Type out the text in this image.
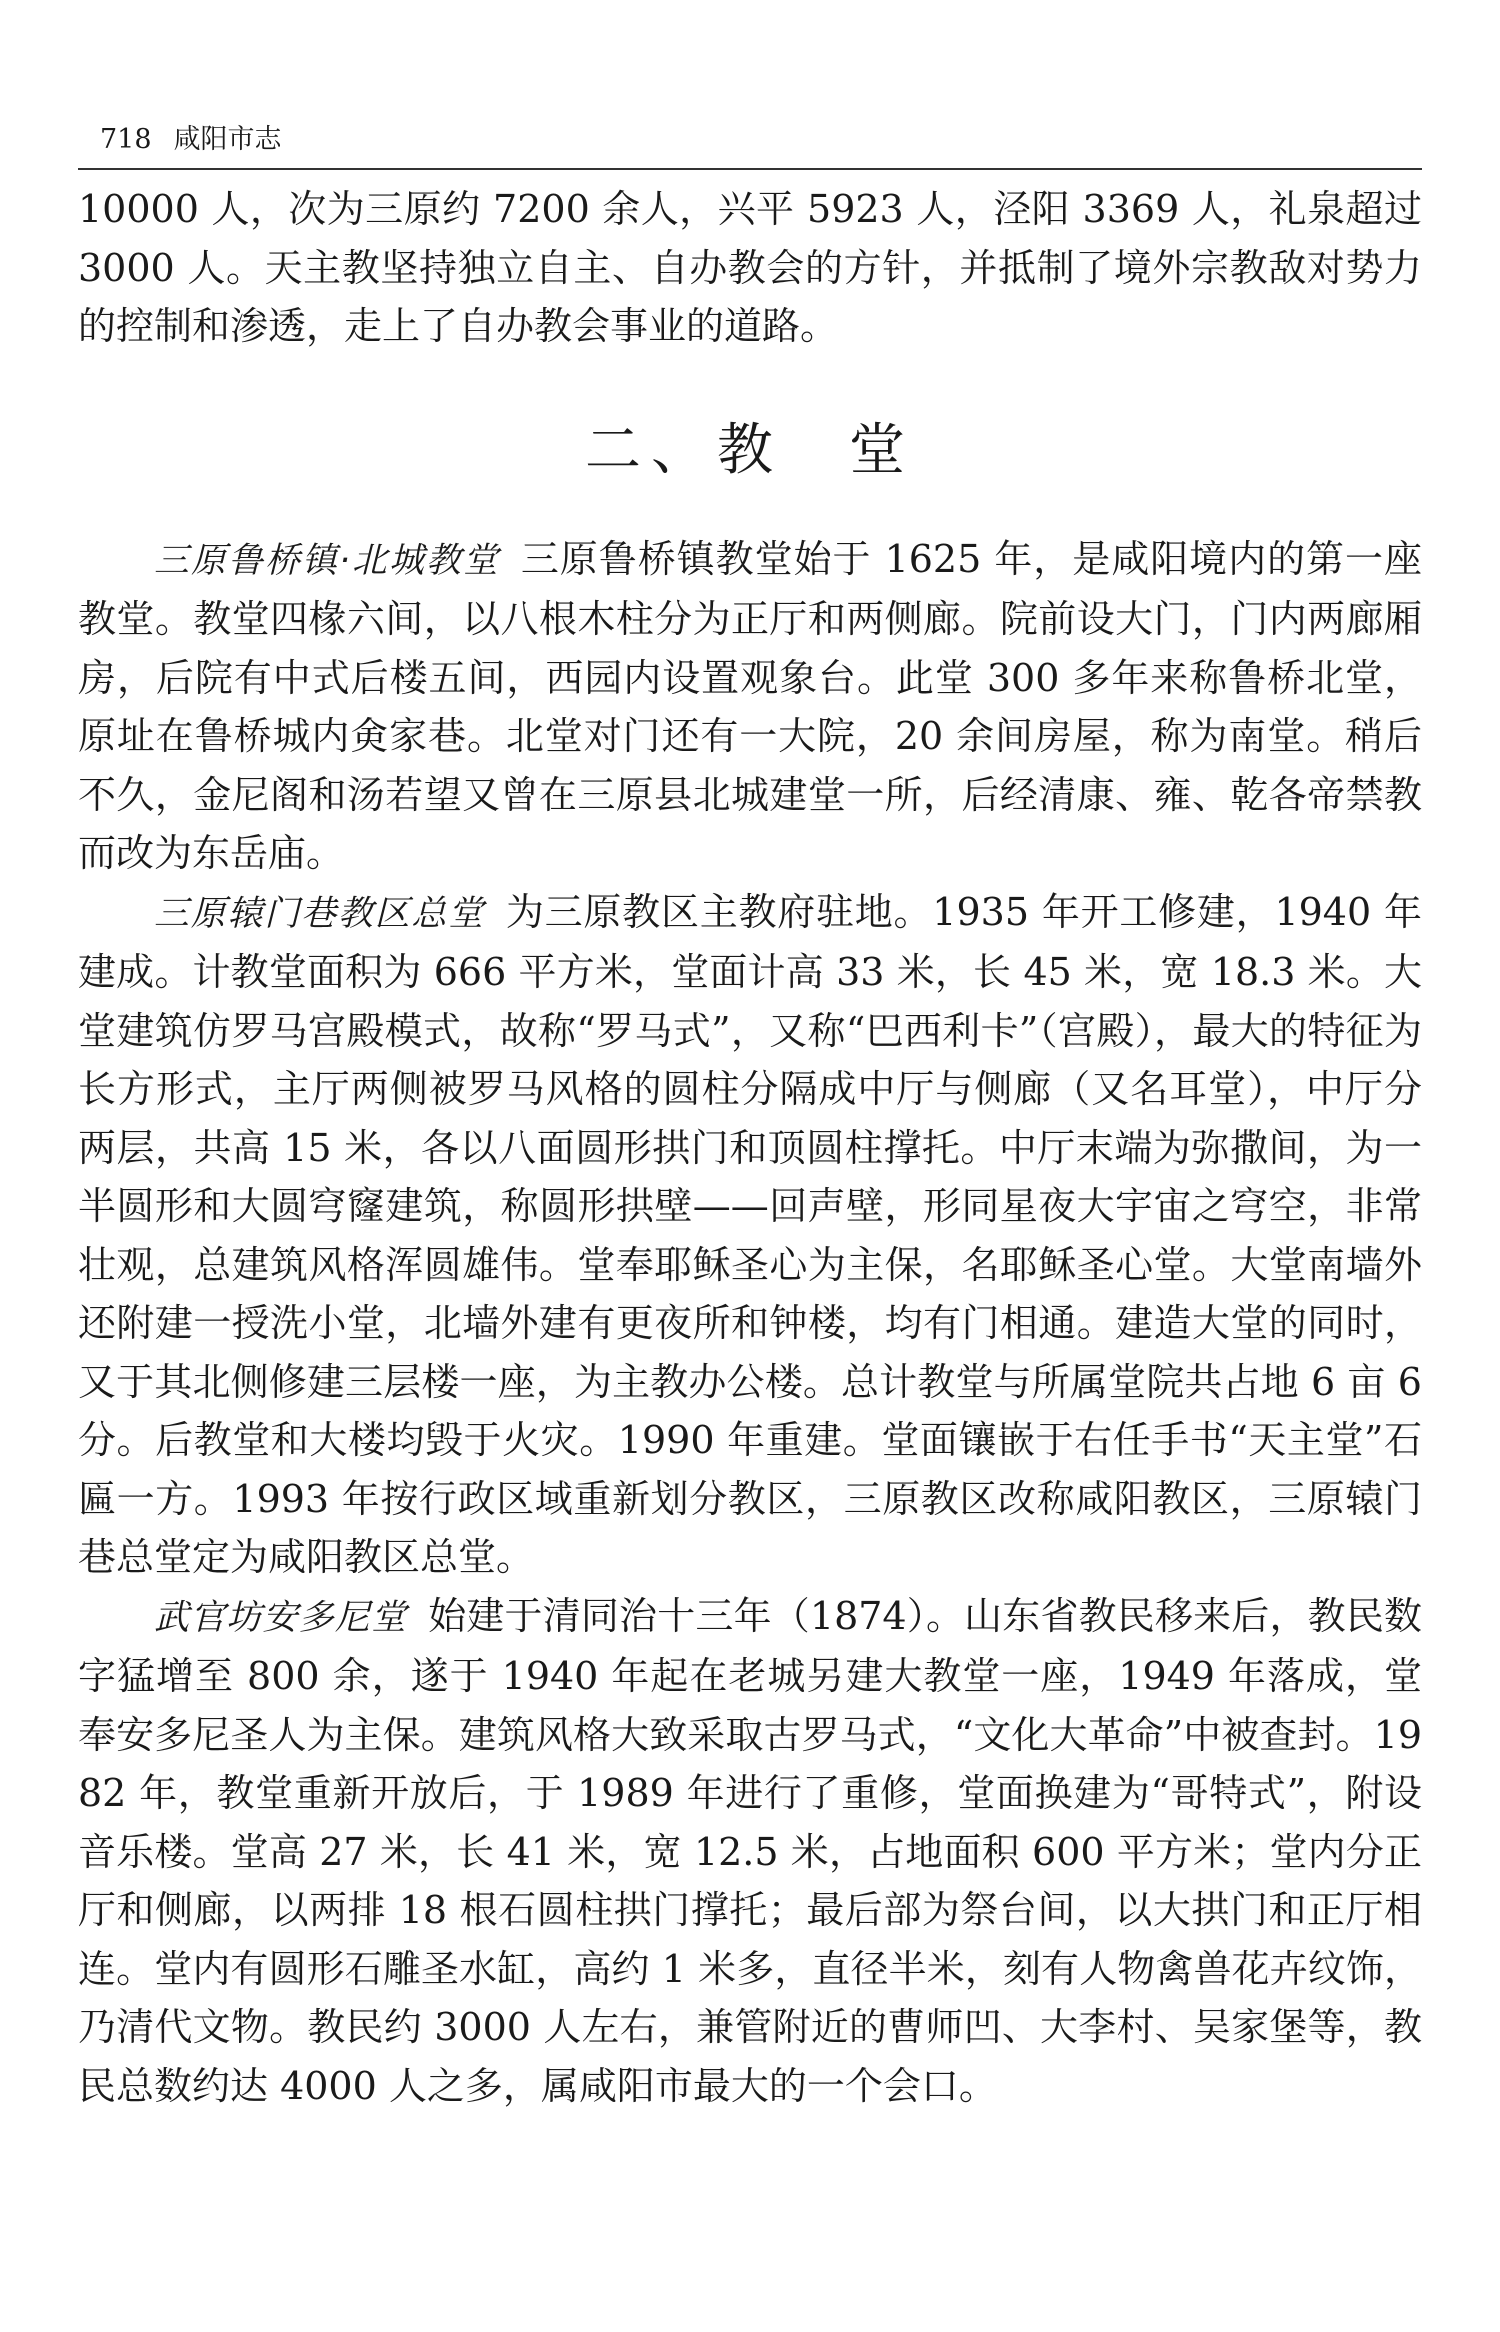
718 咸阳市志

10000 人，次为三原约 7200 余人，兴平 5923 人，泾阳 3369 人，礼泉超过 3000 人。天主教坚持独立自主、自办教会的方针，并抵制了境外宗教敌对势力的控制和渗透，走上了自办教会事业的道路。

二、教　堂

三原鲁桥镇·北城教堂 三原鲁桥镇教堂始于 1625 年，是咸阳境内的第一座教堂。教堂四椽六间，以八根木柱分为正厅和两侧廊。院前设大门，门内两廊厢房，后院有中式后楼五间，西园内设置观象台。此堂 300 多年来称鲁桥北堂，原址在鲁桥城内㑒家巷。北堂对门还有一大院，20 余间房屋，称为南堂。稍后不久，金尼阁和汤若望又曾在三原县北城建堂一所，后经清康、雍、乾各帝禁教而改为东岳庙。

三原辕门巷教区总堂 为三原教区主教府驻地。1935 年开工修建，1940 年建成。计教堂面积为 666 平方米，堂面计高 33 米，长 45 米，宽 18.3 米。大堂建筑仿罗马宫殿模式，故称“罗马式”，又称“巴西利卡”（宫殿），最大的特征为长方形式，主厅两侧被罗马风格的圆柱分隔成中厅与侧廊（又名耳堂），中厅分两层，共高 15 米，各以八面圆形拱门和顶圆柱撑托。中厅末端为弥撒间，为一半圆形和大圆穹窿建筑，称圆形拱壁——回声壁，形同星夜大宇宙之穹空，非常壮观，总建筑风格浑圆雄伟。堂奉耶稣圣心为主保，名耶稣圣心堂。大堂南墙外还附建一授洗小堂，北墙外建有更夜所和钟楼，均有门相通。建造大堂的同时，又于其北侧修建三层楼一座，为主教办公楼。总计教堂与所属堂院共占地 6 亩 6 分。后教堂和大楼均毁于火灾。1990 年重建。堂面镶嵌于右任手书“天主堂”石匾一方。1993 年按行政区域重新划分教区，三原教区改称咸阳教区，三原辕门巷总堂定为咸阳教区总堂。

武官坊安多尼堂 始建于清同治十三年（1874）。山东省教民移来后，教民数字猛增至 800 余，遂于 1940 年起在老城另建大教堂一座，1949 年落成，堂奉安多尼圣人为主保。建筑风格大致采取古罗马式，“文化大革命”中被查封。1982 年，教堂重新开放后，于 1989 年进行了重修，堂面换建为“哥特式”，附设音乐楼。堂高 27 米，长 41 米，宽 12.5 米，占地面积 600 平方米；堂内分正厅和侧廊，以两排 18 根石圆柱拱门撑托；最后部为祭台间，以大拱门和正厅相连。堂内有圆形石雕圣水缸，高约 1 米多，直径半米，刻有人物禽兽花卉纹饰，乃清代文物。教民约 3000 人左右，兼管附近的曹师凹、大李村、吴家堡等，教民总数约达 4000 人之多，属咸阳市最大的一个会口。
